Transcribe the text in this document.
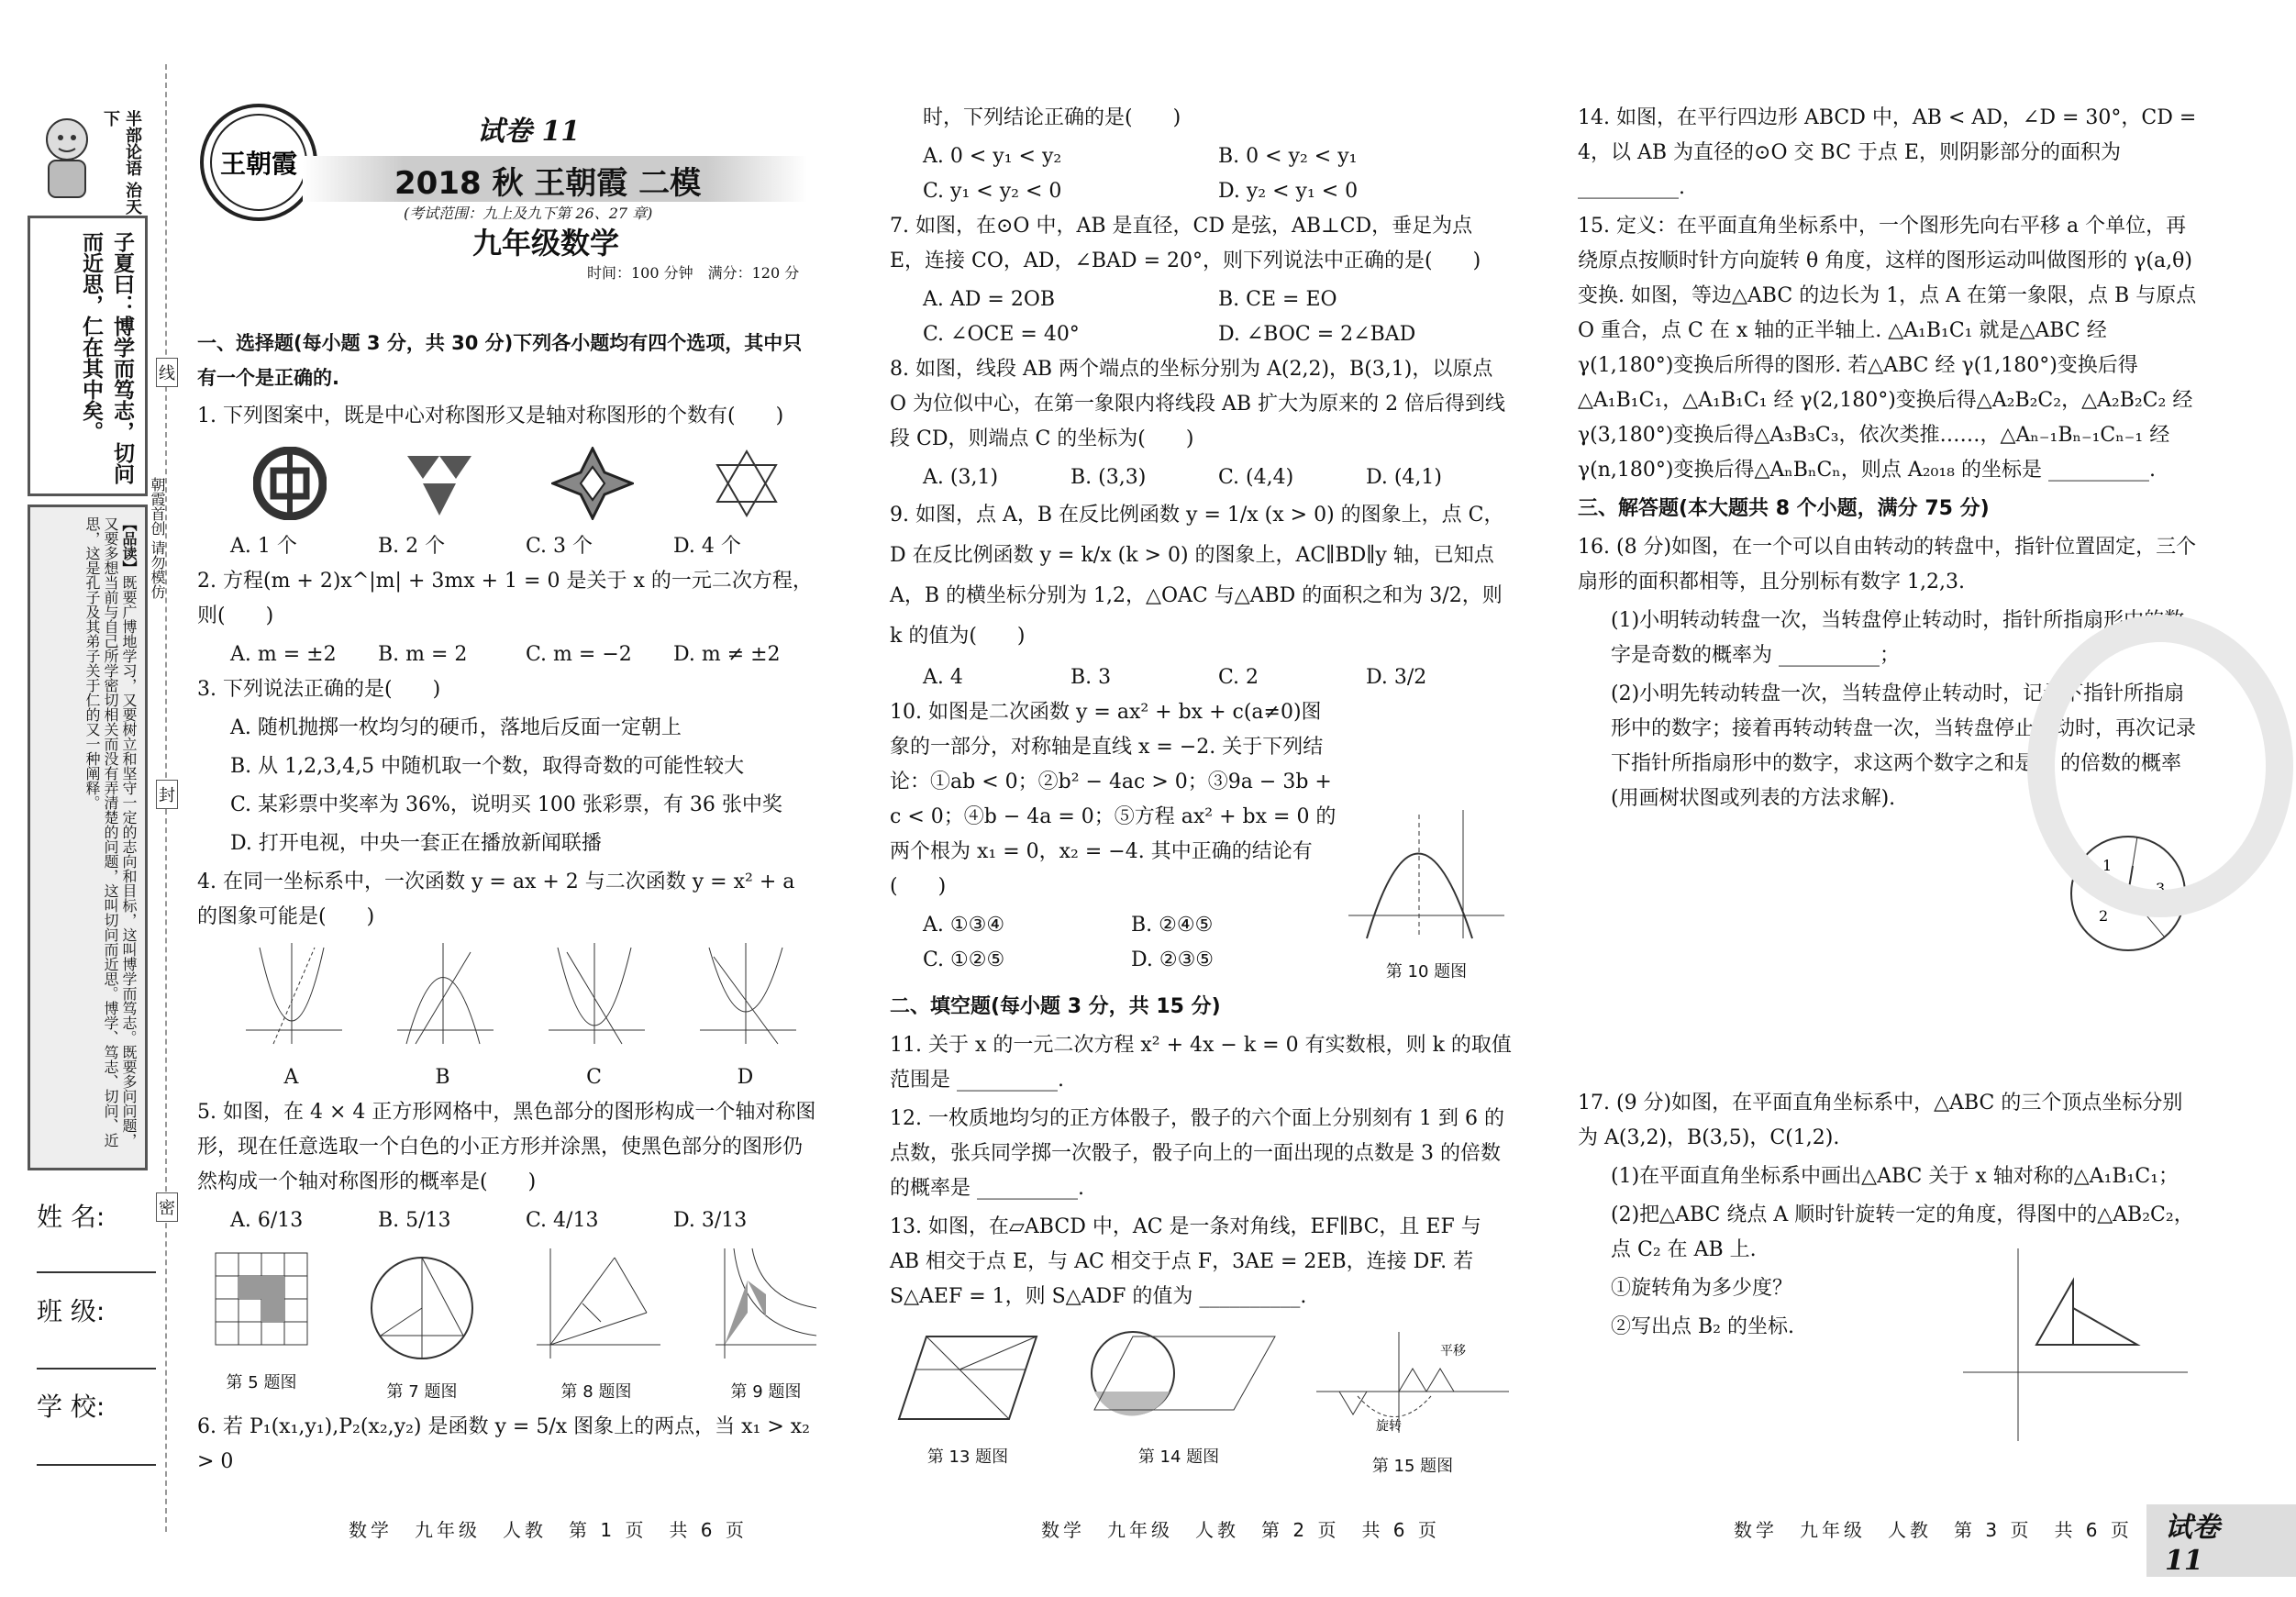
半部论语 治天下
子夏曰：博学而笃志，切问而近思，仁在其中矣。
【品读】既要广博地学习，又要树立和坚守一定的志向和目标，这叫博学而笃志。既要多问问题，又要多想当前与自己所学密切相关而没有弄清楚的问题，这叫切问而近思。博学、笃志、切问、近思，这是孔子及其弟子关于仁的又一种阐释。
线
封
密
朝霞首创 请勿模仿
姓 名:
班 级:
学 校:
王朝霞
试卷 11
2018 秋 王朝霞 二模
(考试范围：九上及九下第 26、27 章)
九年级数学
时间：100 分钟　满分：120 分

一、选择题(每小题 3 分，共 30 分)下列各小题均有四个选项，其中只有一个是正确的.

1. 下列图案中，既是中心对称图形又是轴对称图形的个数有(　　)

A. 1 个	B. 2 个	C. 3 个	D. 4 个

2. 方程(m + 2)x^|m| + 3mx + 1 = 0 是关于 x 的一元二次方程，则(　　)

A. m = ±2	B. m = 2	C. m = −2	D. m ≠ ±2

3. 下列说法正确的是(　　)

A. 随机抛掷一枚均匀的硬币，落地后反面一定朝上

B. 从 1,2,3,4,5 中随机取一个数，取得奇数的可能性较大

C. 某彩票中奖率为 36%，说明买 100 张彩票，有 36 张中奖

D. 打开电视，中央一套正在播放新闻联播

4. 在同一坐标系中，一次函数 y = ax + 2 与二次函数 y = x² + a 的图象可能是(　　)

A	B	C	D

5. 如图，在 4 × 4 正方形网格中，黑色部分的图形构成一个轴对称图形，现在任意选取一个白色的小正方形并涂黑，使黑色部分的图形仍然构成一个轴对称图形的概率是(　　)

A. 6/13	B. 5/13	C. 4/13	D. 3/13
第 5 题图	第 7 题图	第 8 题图	第 9 题图

6. 若 P₁(x₁,y₁),P₂(x₂,y₂) 是函数 y = 5/x 图象上的两点，当 x₁ > x₂ > 0

数学　九年级　人教　第 1 页　共 6 页

时，下列结论正确的是(　　)

A. 0 < y₁ < y₂	B. 0 < y₂ < y₁
C. y₁ < y₂ < 0	D. y₂ < y₁ < 0

7. 如图，在⊙O 中，AB 是直径，CD 是弦，AB⊥CD，垂足为点 E，连接 CO，AD，∠BAD = 20°，则下列说法中正确的是(　　)

A. AD = 2OB	B. CE = EO
C. ∠OCE = 40°	D. ∠BOC = 2∠BAD

8. 如图，线段 AB 两个端点的坐标分别为 A(2,2)，B(3,1)，以原点 O 为位似中心，在第一象限内将线段 AB 扩大为原来的 2 倍后得到线段 CD，则端点 C 的坐标为(　　)

A. (3,1)	B. (3,3)	C. (4,4)	D. (4,1)

9. 如图，点 A，B 在反比例函数 y = 1/x (x > 0) 的图象上，点 C，D 在反比例函数 y = k/x (k > 0) 的图象上，AC∥BD∥y 轴，已知点 A，B 的横坐标分别为 1,2，△OAC 与△ABD 的面积之和为 3/2，则 k 的值为(　　)

A. 4	B. 3	C. 2	D. 3/2

10. 如图是二次函数 y = ax² + bx + c(a≠0)图象的一部分，对称轴是直线 x = −2. 关于下列结论：①ab < 0；②b² − 4ac > 0；③9a − 3b + c < 0；④b − 4a = 0；⑤方程 ax² + bx = 0 的两个根为 x₁ = 0，x₂ = −4. 其中正确的结论有(　　)

A. ①③④	B. ②④⑤
C. ①②⑤	D. ②③⑤
第 10 题图

二、填空题(每小题 3 分，共 15 分)

11. 关于 x 的一元二次方程 x² + 4x − k = 0 有实数根，则 k 的取值范围是 __________.

12. 一枚质地均匀的正方体骰子，骰子的六个面上分别刻有 1 到 6 的点数，张兵同学掷一次骰子，骰子向上的一面出现的点数是 3 的倍数的概率是 __________.

13. 如图，在▱ABCD 中，AC 是一条对角线，EF∥BC，且 EF 与 AB 相交于点 E，与 AC 相交于点 F，3AE = 2EB，连接 DF. 若 S△AEF = 1，则 S△ADF 的值为 __________.

第 13 题图	第 14 题图
平移
旋转
第 15 题图
数学　九年级　人教　第 2 页　共 6 页

14. 如图，在平行四边形 ABCD 中，AB < AD，∠D = 30°，CD = 4，以 AB 为直径的⊙O 交 BC 于点 E，则阴影部分的面积为 __________.

15. 定义：在平面直角坐标系中，一个图形先向右平移 a 个单位，再绕原点按顺时针方向旋转 θ 角度，这样的图形运动叫做图形的 γ(a,θ)变换. 如图，等边△ABC 的边长为 1，点 A 在第一象限，点 B 与原点 O 重合，点 C 在 x 轴的正半轴上. △A₁B₁C₁ 就是△ABC 经 γ(1,180°)变换后所得的图形. 若△ABC 经 γ(1,180°)变换后得△A₁B₁C₁，△A₁B₁C₁ 经 γ(2,180°)变换后得△A₂B₂C₂，△A₂B₂C₂ 经 γ(3,180°)变换后得△A₃B₃C₃，依次类推……，△Aₙ₋₁Bₙ₋₁Cₙ₋₁ 经 γ(n,180°)变换后得△AₙBₙCₙ，则点 A₂₀₁₈ 的坐标是 __________.

三、解答题(本大题共 8 个小题，满分 75 分)

16. (8 分)如图，在一个可以自由转动的转盘中，指针位置固定，三个扇形的面积都相等，且分别标有数字 1,2,3.

(1)小明转动转盘一次，当转盘停止转动时，指针所指扇形中的数字是奇数的概率为 __________；

(2)小明先转动转盘一次，当转盘停止转动时，记录下指针所指扇形中的数字；接着再转动转盘一次，当转盘停止转动时，再次记录下指针所指扇形中的数字，求这两个数字之和是 3 的倍数的概率(用画树状图或列表的方法求解).

1
2
3

17. (9 分)如图，在平面直角坐标系中，△ABC 的三个顶点坐标分别为 A(3,2)，B(3,5)，C(1,2).

(1)在平面直角坐标系中画出△ABC 关于 x 轴对称的△A₁B₁C₁；

(2)把△ABC 绕点 A 顺时针旋转一定的角度，得图中的△AB₂C₂，点 C₂ 在 AB 上.

①旋转角为多少度？

②写出点 B₂ 的坐标.

数学　九年级　人教　第 3 页　共 6 页	试卷 11
